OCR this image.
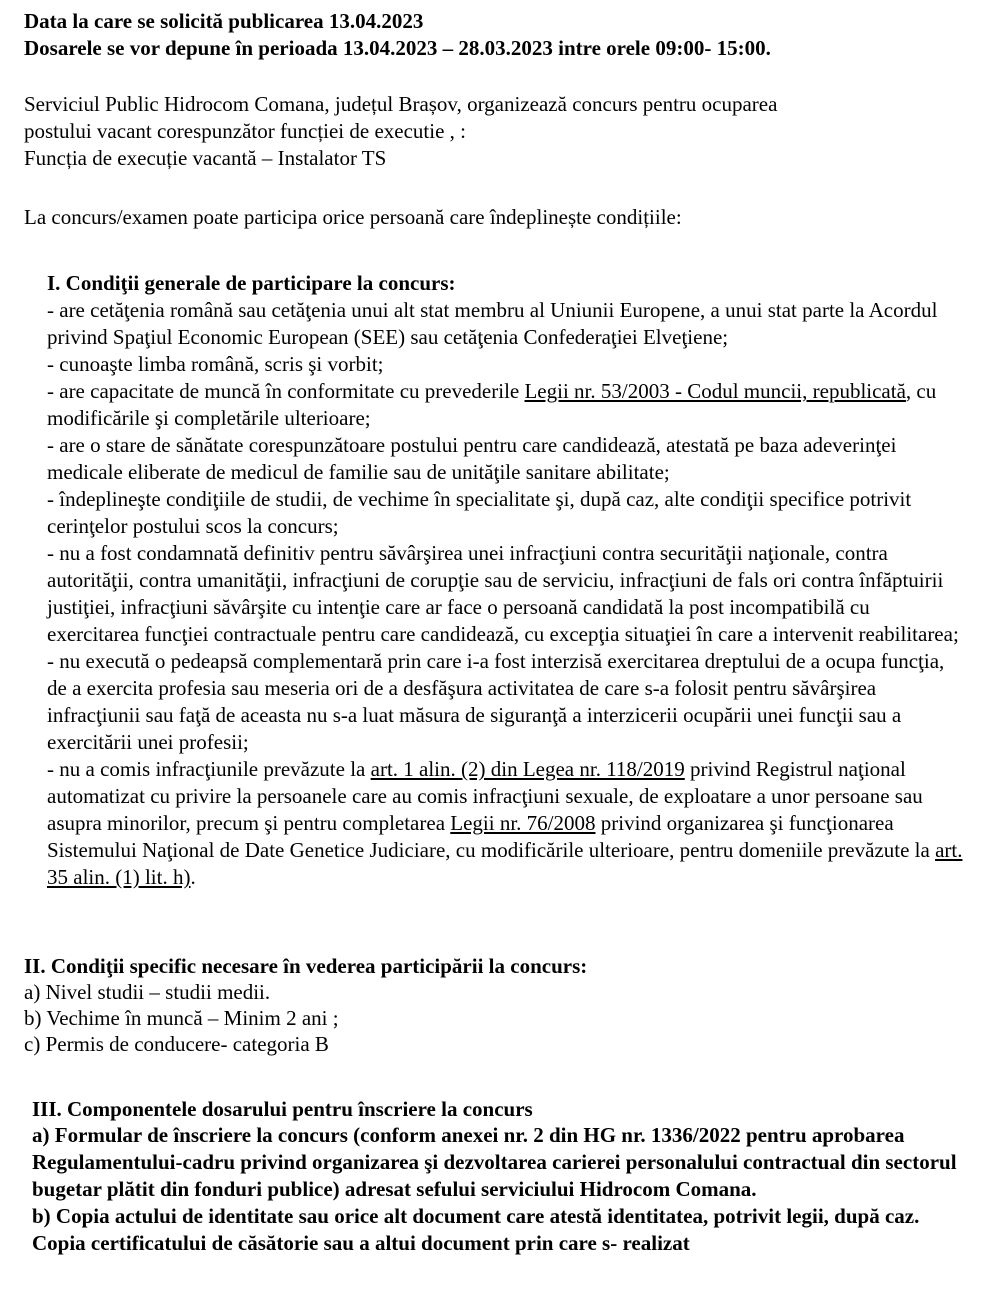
Data la care se solicită publicarea 13.04.2023
Dosarele se vor depune în perioada 13.04.2023 – 28.03.2023 intre orele 09:00- 15:00.
Serviciul Public Hidrocom Comana, județul Brașov, organizează concurs pentru ocuparea
postului vacant corespunzător funcției de executie , :
Funcția de execuție vacantă – Instalator TS
La concurs/examen poate participa orice persoană care îndeplinește condițiile:
I. Condiţii generale de participare la concurs:

- are cetăţenia română sau cetăţenia unui alt stat membru al Uniunii Europene, a unui stat parte la Acordul privind Spaţiul Economic European (SEE) sau cetăţenia Confederaţiei Elveţiene;

- cunoaşte limba română, scris şi vorbit;

- are capacitate de muncă în conformitate cu prevederile Legii nr. 53/2003 - Codul muncii, republicată, cu modificările şi completările ulterioare;

- are o stare de sănătate corespunzătoare postului pentru care candidează, atestată pe baza adeverinţei medicale eliberate de medicul de familie sau de unităţile sanitare abilitate;

- îndeplineşte condiţiile de studii, de vechime în specialitate şi, după caz, alte condiţii specifice potrivit cerinţelor postului scos la concurs;

- nu a fost condamnată definitiv pentru săvârşirea unei infracţiuni contra securităţii naţionale, contra autorităţii, contra umanităţii, infracţiuni de corupţie sau de serviciu, infracţiuni de fals ori contra înfăptuirii justiţiei, infracţiuni săvârşite cu intenţie care ar face o persoană candidată la post incompatibilă cu exercitarea funcţiei contractuale pentru care candidează, cu excepţia situaţiei în care a intervenit reabilitarea;

- nu execută o pedeapsă complementară prin care i-a fost interzisă exercitarea dreptului de a ocupa funcţia, de a exercita profesia sau meseria ori de a desfăşura activitatea de care s-a folosit pentru săvârşirea infracţiunii sau faţă de aceasta nu s-a luat măsura de siguranţă a interzicerii ocupării unei funcţii sau a exercitării unei profesii;

- nu a comis infracţiunile prevăzute la art. 1 alin. (2) din Legea nr. 118/2019 privind Registrul naţional automatizat cu privire la persoanele care au comis infracţiuni sexuale, de exploatare a unor persoane sau asupra minorilor, precum şi pentru completarea Legii nr. 76/2008 privind organizarea şi funcţionarea Sistemului Naţional de Date Genetice Judiciare, cu modificările ulterioare, pentru domeniile prevăzute la art. 35 alin. (1) lit. h).

II. Condiţii specific necesare în vederea participării la concurs:
a) Nivel studii – studii medii.
b) Vechime în muncă – Minim 2 ani ;
c) Permis de conducere- categoria B
III. Componentele dosarului pentru înscriere la concurs

a) Formular de înscriere la concurs (conform anexei nr. 2 din HG nr. 1336/2022 pentru aprobarea Regulamentului-cadru privind organizarea şi dezvoltarea carierei personalului contractual din sectorul bugetar plătit din fonduri publice) adresat sefului serviciului Hidrocom Comana.

b) Copia actului de identitate sau orice alt document care atestă identitatea, potrivit legii, după caz. Copia certificatului de căsătorie sau a altui document prin care s- realizat
